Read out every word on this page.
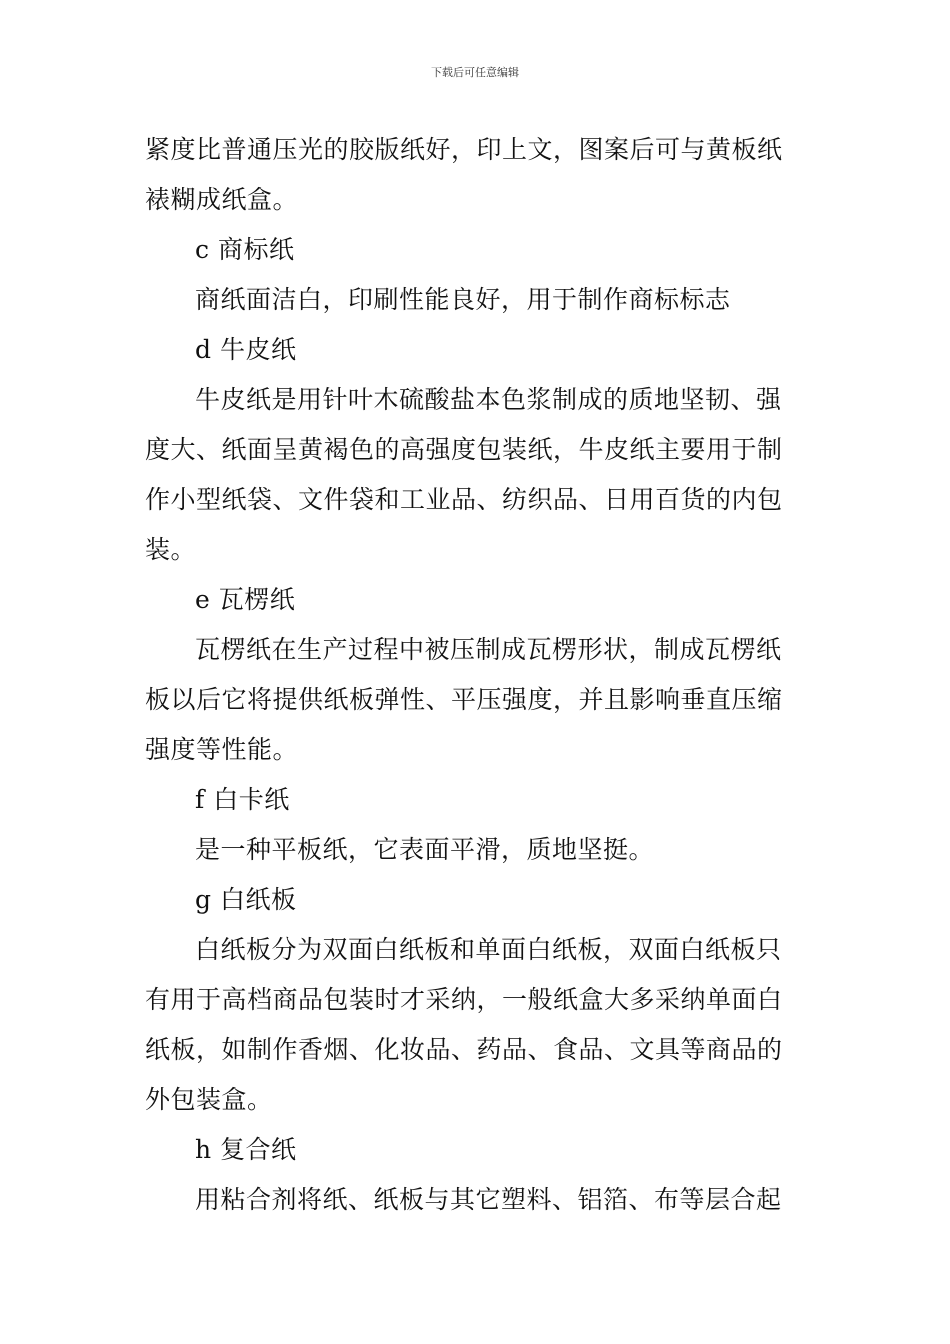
下载后可任意编辑
紧度比普通压光的胶版纸好，印上文，图案后可与黄板纸
裱糊成纸盒。
c 商标纸
商纸面洁白，印刷性能良好，用于制作商标标志
d 牛皮纸
牛皮纸是用针叶木硫酸盐本色浆制成的质地坚韧、强
度大、纸面呈黄褐色的高强度包装纸，牛皮纸主要用于制
作小型纸袋、文件袋和工业品、纺织品、日用百货的内包
装。
e 瓦楞纸
瓦楞纸在生产过程中被压制成瓦楞形状，制成瓦楞纸
板以后它将提供纸板弹性、平压强度，并且影响垂直压缩
强度等性能。
f 白卡纸
是一种平板纸，它表面平滑，质地坚挺。
g 白纸板
白纸板分为双面白纸板和单面白纸板，双面白纸板只
有用于高档商品包装时才采纳，一般纸盒大多采纳单面白
纸板，如制作香烟、化妆品、药品、食品、文具等商品的
外包装盒。
h 复合纸
用粘合剂将纸、纸板与其它塑料、铝箔、布等层合起
